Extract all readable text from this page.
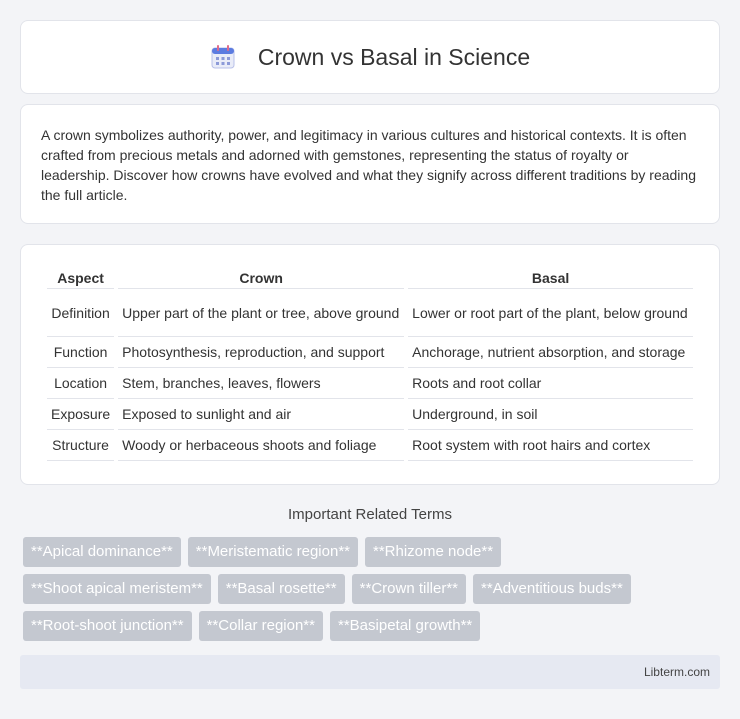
Crown vs Basal in Science

A crown symbolizes authority, power, and legitimacy in various cultures and historical contexts. It is often crafted from precious metals and adorned with gemstones, representing the status of royalty or leadership. Discover how crowns have evolved and what they signify across different traditions by reading the full article.

Aspect	Crown	Basal
Definition	Upper part of the plant or tree, above ground	Lower or root part of the plant, below ground
Function	Photosynthesis, reproduction, and support	Anchorage, nutrient absorption, and storage
Location	Stem, branches, leaves, flowers	Roots and root collar
Exposure	Exposed to sunlight and air	Underground, in soil
Structure	Woody or herbaceous shoots and foliage	Root system with root hairs and cortex
Important Related Terms
**Apical dominance**	**Meristematic region**	**Rhizome node**
**Shoot apical meristem**	**Basal rosette**	**Crown tiller**	**Adventitious buds**
**Root-shoot junction**	**Collar region**	**Basipetal growth**
Libterm.com
